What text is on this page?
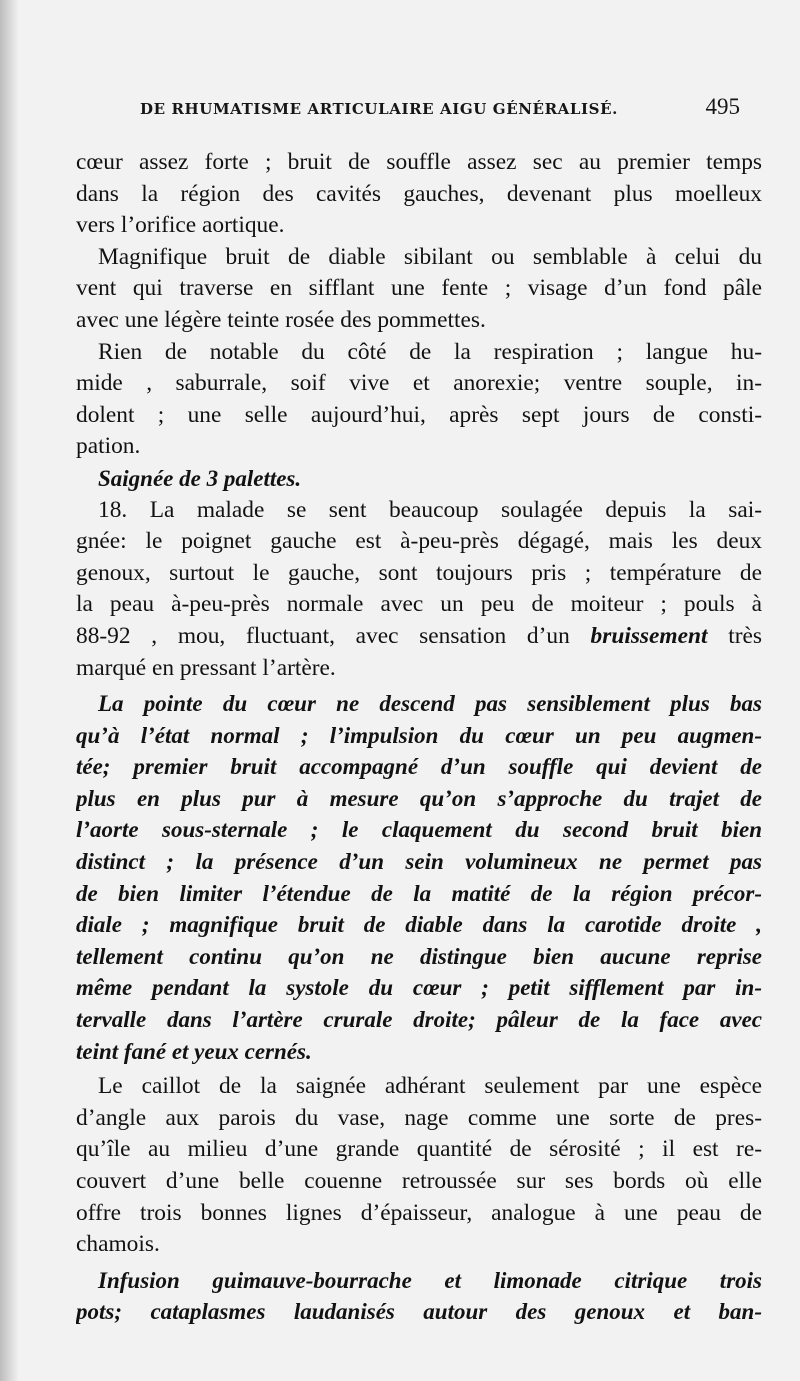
DE RHUMATISME ARTICULAIRE AIGU GÉNÉRALISÉ.	495
cœur assez forte ; bruit de souffle assez sec au premier temps
dans la région des cavités gauches, devenant plus moelleux
vers l’orifice aortique.
Magnifique bruit de diable sibilant ou semblable à celui du
vent qui traverse en sifflant une fente ; visage d’un fond pâle
avec une légère teinte rosée des pommettes.
Rien de notable du côté de la respiration ; langue hu-
mide , saburrale, soif vive et anorexie; ventre souple, in-
dolent ; une selle aujourd’hui, après sept jours de consti-
pation.
Saignée de 3 palettes.
18. La malade se sent beaucoup soulagée depuis la sai-
gnée: le poignet gauche est à-peu-près dégagé, mais les deux
genoux, surtout le gauche, sont toujours pris ; température de
la peau à-peu-près normale avec un peu de moiteur ; pouls à
88-92 , mou, fluctuant, avec sensation d’un bruissement très
marqué en pressant l’artère.
La pointe du cœur ne descend pas sensiblement plus bas
qu’à l’état normal ; l’impulsion du cœur un peu augmen-
tée; premier bruit accompagné d’un souffle qui devient de
plus en plus pur à mesure qu’on s’approche du trajet de
l’aorte sous-sternale ; le claquement du second bruit bien
distinct ; la présence d’un sein volumineux ne permet pas
de bien limiter l’étendue de la matité de la région précor-
diale ; magnifique bruit de diable dans la carotide droite ,
tellement continu qu’on ne distingue bien aucune reprise
même pendant la systole du cœur ; petit sifflement par in-
tervalle dans l’artère crurale droite; pâleur de la face avec
teint fané et yeux cernés.
Le caillot de la saignée adhérant seulement par une espèce
d’angle aux parois du vase, nage comme une sorte de pres-
qu’île au milieu d’une grande quantité de sérosité ; il est re-
couvert d’une belle couenne retroussée sur ses bords où elle
offre trois bonnes lignes d’épaisseur, analogue à une peau de
chamois.
Infusion guimauve-bourrache et limonade citrique trois
pots; cataplasmes laudanisés autour des genoux et ban-
